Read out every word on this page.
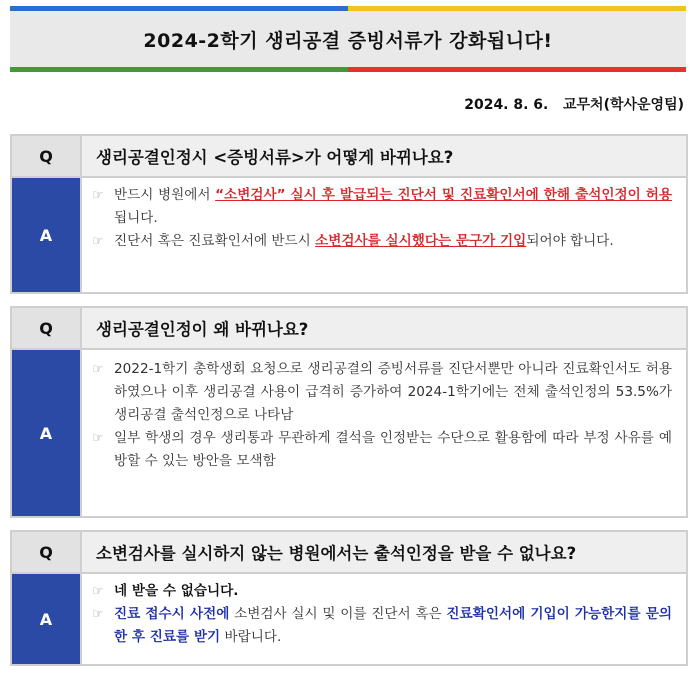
2024-2학기 생리공결 증빙서류가 강화됩니다!
2024. 8. 6. 교무처(학사운영팀)
Q	생리공결인정시 <증빙서류>가 어떻게 바뀌나요?
A
☞ 반드시 병원에서 “소변검사” 실시 후 발급되는 진단서 및 진료확인서에 한해 출석인정이 허용됩니다.
☞ 진단서 혹은 진료확인서에 반드시 소변검사를 실시했다는 문구가 기입되어야 합니다.
Q	생리공결인정이 왜 바뀌나요?
A
☞ 2022-1학기 총학생회 요청으로 생리공결의 증빙서류를 진단서뿐만 아니라 진료확인서도 허용하였으나 이후 생리공결 사용이 급격히 증가하여 2024-1학기에는 전체 출석인정의 53.5%가 생리공결 출석인정으로 나타남
☞ 일부 학생의 경우 생리통과 무관하게 결석을 인정받는 수단으로 활용함에 따라 부정 사유를 예방할 수 있는 방안을 모색함
Q	소변검사를 실시하지 않는 병원에서는 출석인정을 받을 수 없나요?
A
☞ 네 받을 수 없습니다.
☞ 진료 접수시 사전에 소변검사 실시 및 이를 진단서 혹은 진료확인서에 기입이 가능한지를 문의한 후 진료를 받기 바랍니다.
